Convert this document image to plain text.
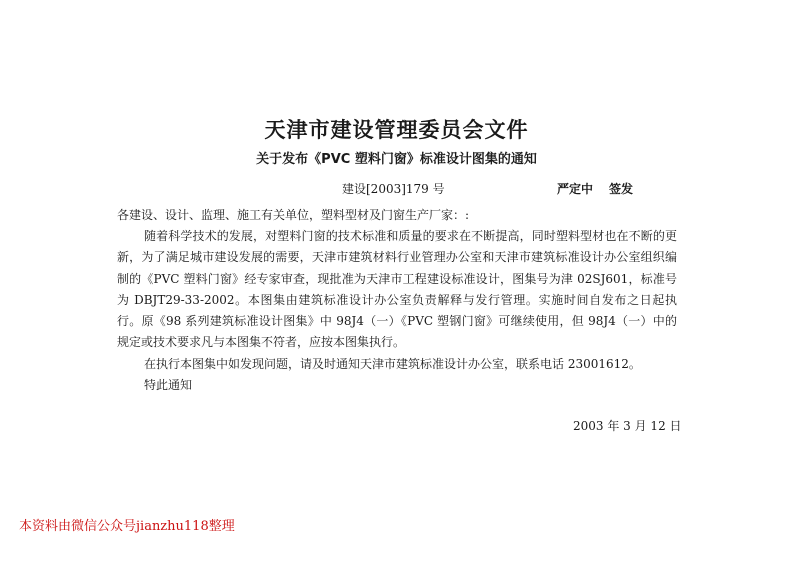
天津市建设管理委员会文件
关于发布《PVC 塑料门窗》标准设计图集的通知
建设[2003]179 号	严定中 签发
各建设、设计、监理、施工有关单位，塑料型材及门窗生产厂家：:
随着科学技术的发展，对塑料门窗的技术标准和质量的要求在不断提高，同时塑料型材也在不断的更新，为了满足城市建设发展的需要，天津市建筑材料行业管理办公室和天津市建筑标准设计办公室组织编制的《PVC 塑料门窗》经专家审查，现批准为天津市工程建设标准设计，图集号为津 02SJ601，标准号为 DBJT29-33-2002。本图集由建筑标准设计办公室负责解释与发行管理。实施时间自发布之日起执行。原《98 系列建筑标准设计图集》中 98J4（一）《PVC 塑钢门窗》可继续使用，但 98J4（一）中的规定或技术要求凡与本图集不符者，应按本图集执行。
在执行本图集中如发现问题，请及时通知天津市建筑标准设计办公室，联系电话 23001612。
特此通知
2003 年 3 月 12 日
本资料由微信公众号jianzhu118整理
